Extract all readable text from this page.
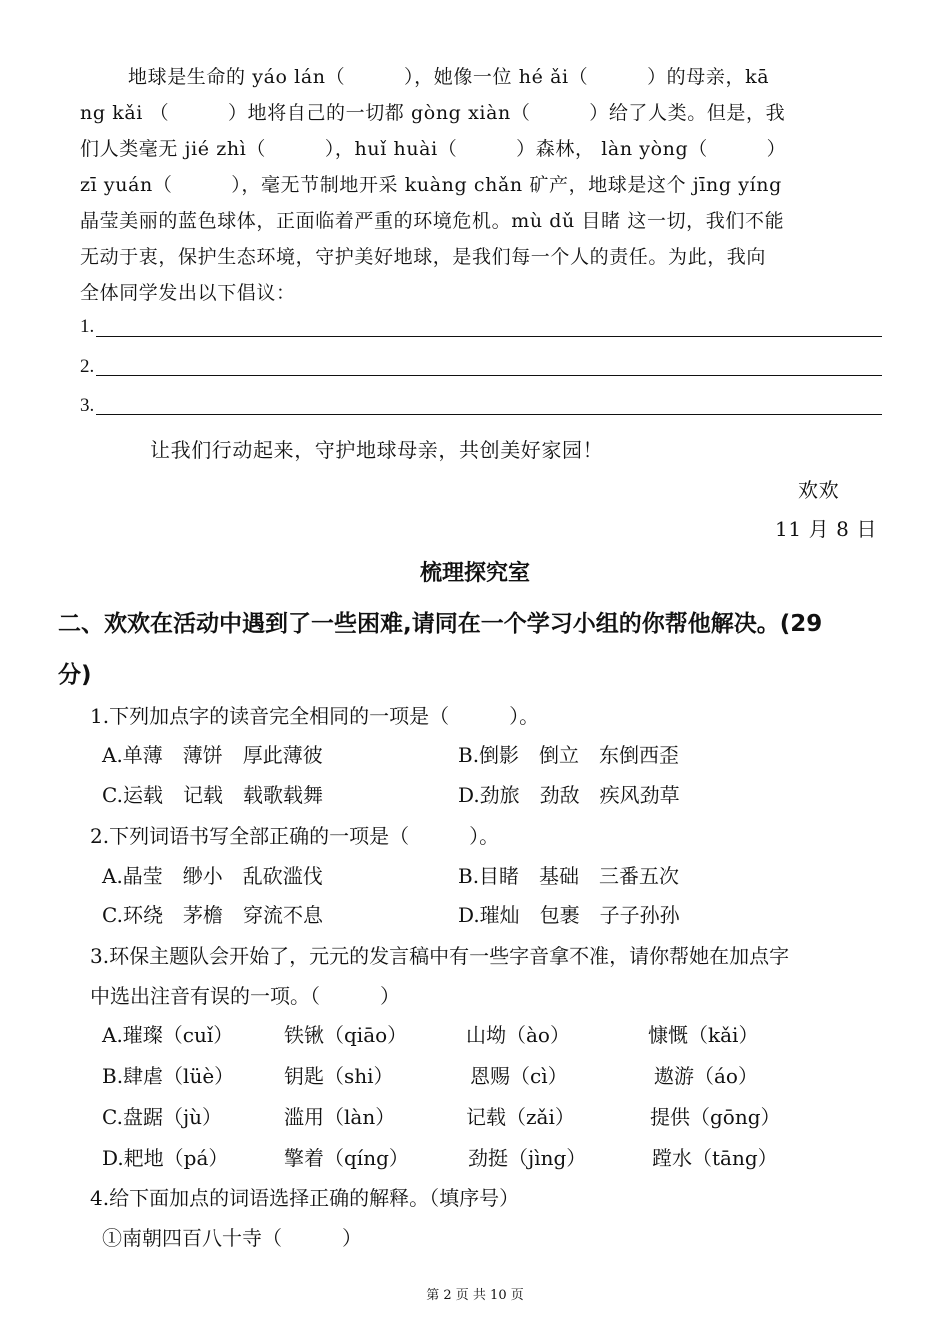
地球是生命的 yáo lán（　　　），她像一位 hé ǎi（　　　）的母亲，kā
ng kǎi （　　　）地将自己的一切都 gòng xiàn（　　　）给了人类。但是，我
们人类毫无 jié zhì（　　　），huǐ huài（　　　）森林， làn yòng（　　　）
zī yuán（　　　），毫无节制地开采 kuàng chǎn 矿产，地球是这个 jīng yíng
晶莹美丽的蓝色球体，正面临着严重的环境危机。mù dǔ 目睹 这一切，我们不能
无动于衷，保护生态环境，守护美好地球，是我们每一个人的责任。为此，我向
全体同学发出以下倡议：
1.
2.
3.
让我们行动起来，守护地球母亲，共创美好家园！
欢欢
11 月 8 日
梳理探究室
二、欢欢在活动中遇到了一些困难,请同在一个学习小组的你帮他解决。(29
分)
1.下列加点字的读音完全相同的一项是（　　　）。
A.单薄　薄饼　厚此薄彼	B.倒影　倒立　东倒西歪
C.运载　记载　载歌载舞	D.劲旅　劲敌　疾风劲草
2.下列词语书写全部正确的一项是（　　　）。
A.晶莹　缈小　乱砍滥伐	B.目睹　基础　三番五次
C.环绕　茅檐　穿流不息	D.璀灿　包裹　子子孙孙
3.环保主题队会开始了，元元的发言稿中有一些字音拿不准，请你帮她在加点字
中选出注音有误的一项。（　　　）
A.璀璨（cuǐ）	铁锹（qiāo）	山坳（ào）	慷慨（kǎi）
B.肆虐（lüè） 钥匙（shi）	恩赐（cì）	遨游（áo）
C.盘踞（jù）	滥用（làn）	记载（zǎi）	提供（gōng）
D.耙地（pá）	擎着（qíng）	劲挺（jìng）	蹚水（tāng）
4.给下面加点的词语选择正确的解释。（填序号）
①南朝四百八十寺（　　　）
第 2 页 共 10 页
